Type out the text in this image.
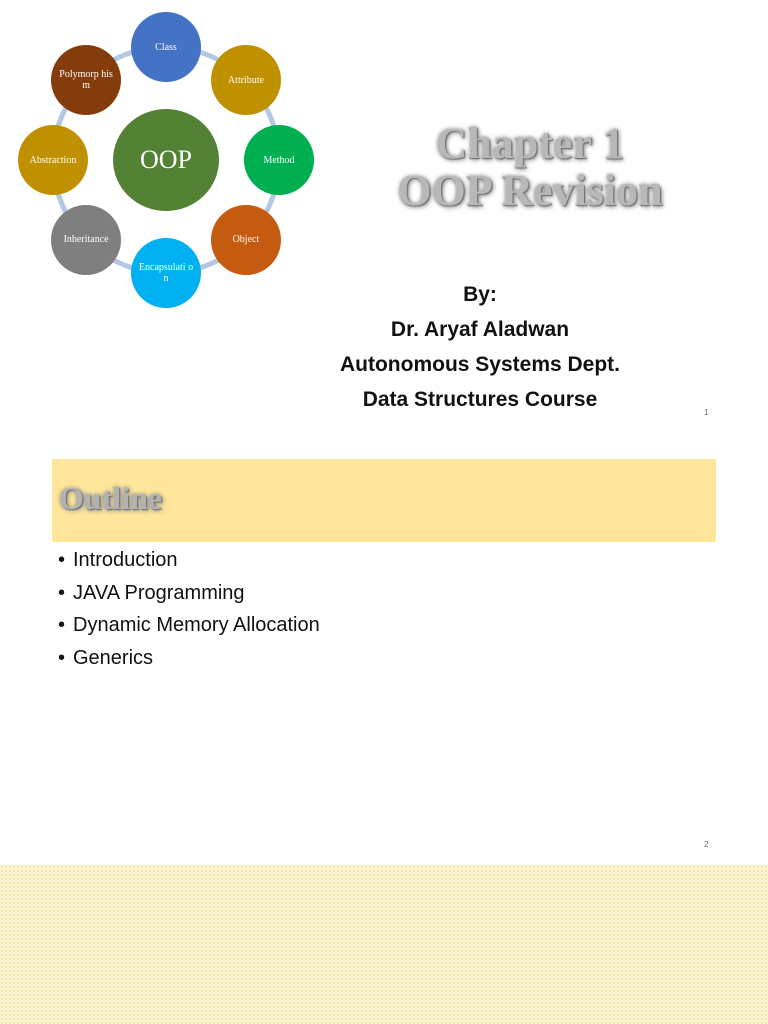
OOP
Class
Attribute
Method
Object
Encapsulati on
Inheritance
Abstraction
Polymorp hism
Chapter 1
OOP Revision
By:
Dr. Aryaf Aladwan
Autonomous Systems Dept.
Data Structures Course
1
Outline
• Introduction
• JAVA Programming
• Dynamic Memory Allocation
• Generics
2
